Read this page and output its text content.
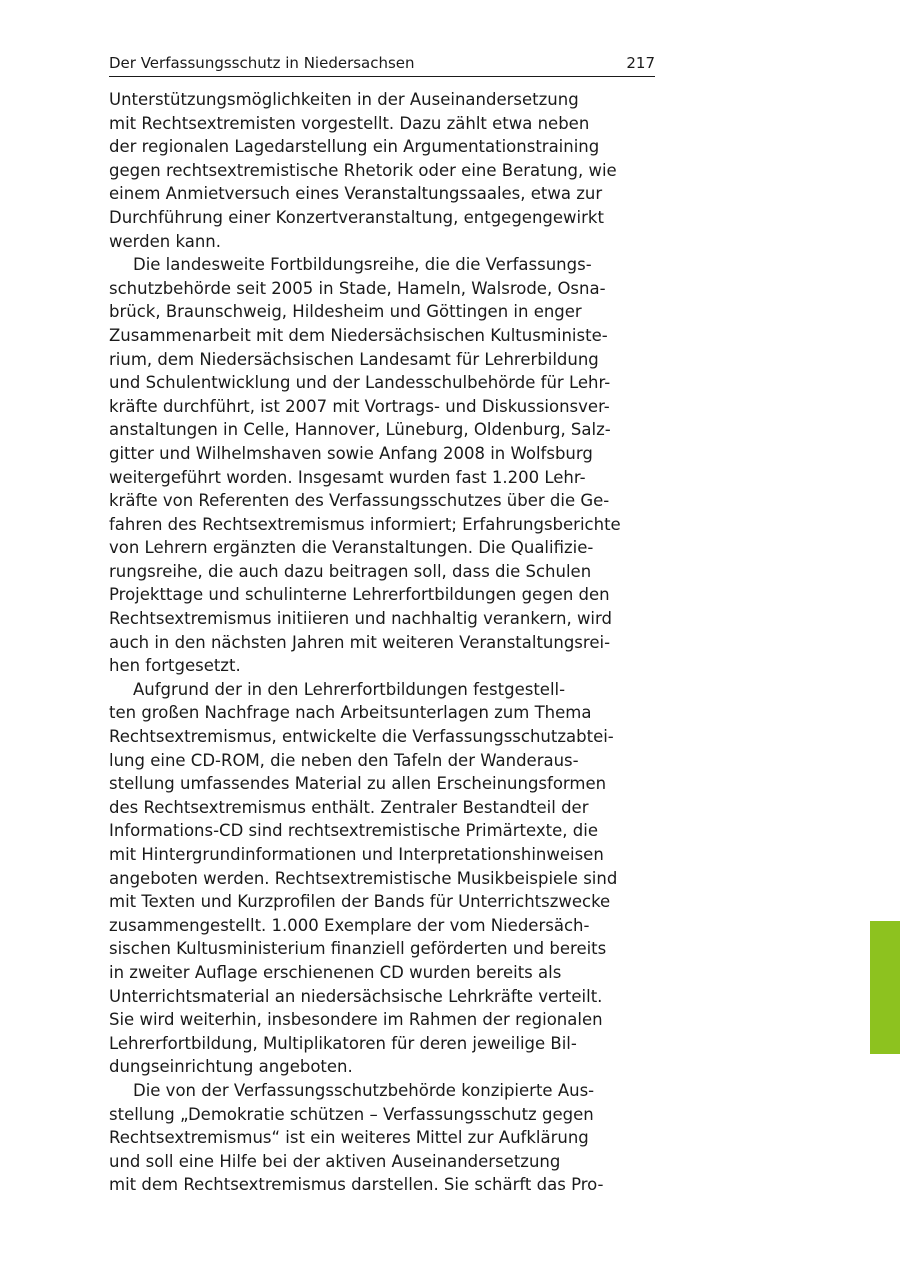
Der Verfassungsschutz in Niedersachsen	217
Unterstützungsmöglichkeiten in der Auseinandersetzung
mit Rechtsextremisten vorgestellt. Dazu zählt etwa neben
der regionalen Lagedarstellung ein Argumentationstraining
gegen rechtsextremistische Rhetorik oder eine Beratung, wie
einem Anmietversuch eines Veranstaltungssaales, etwa zur
Durchführung einer Konzertveranstaltung, entgegengewirkt
werden kann.
Die landesweite Fortbildungsreihe, die die Verfassungs-
schutzbehörde seit 2005 in Stade, Hameln, Walsrode, Osna-
brück, Braunschweig, Hildesheim und Göttingen in enger
Zusammenarbeit mit dem Niedersächsischen Kultusministe-
rium, dem Niedersächsischen Landesamt für Lehrerbildung
und Schulentwicklung und der Landesschulbehörde für Lehr-
kräfte durchführt, ist 2007 mit Vortrags- und Diskussionsver-
anstaltungen in Celle, Hannover, Lüneburg, Oldenburg, Salz-
gitter und Wilhelmshaven sowie Anfang 2008 in Wolfsburg
weitergeführt worden. Insgesamt wurden fast 1.200 Lehr-
kräfte von Referenten des Verfassungsschutzes über die Ge-
fahren des Rechtsextremismus informiert; Erfahrungsberichte
von Lehrern ergänzten die Veranstaltungen. Die Qualifizie-
rungsreihe, die auch dazu beitragen soll, dass die Schulen
Projekttage und schulinterne Lehrerfortbildungen gegen den
Rechtsextremismus initiieren und nachhaltig verankern, wird
auch in den nächsten Jahren mit weiteren Veranstaltungsrei-
hen fortgesetzt.
Aufgrund der in den Lehrerfortbildungen festgestell-
ten großen Nachfrage nach Arbeitsunterlagen zum Thema
Rechtsextremismus, entwickelte die Verfassungsschutzabtei-
lung eine CD-ROM, die neben den Tafeln der Wanderaus-
stellung umfassendes Material zu allen Erscheinungsformen
des Rechtsextremismus enthält. Zentraler Bestandteil der
Informations-CD sind rechtsextremistische Primärtexte, die
mit Hintergrundinformationen und Interpretationshinweisen
angeboten werden. Rechtsextremistische Musikbeispiele sind
mit Texten und Kurzprofilen der Bands für Unterrichtszwecke
zusammengestellt. 1.000 Exemplare der vom Niedersäch-
sischen Kultusministerium finanziell geförderten und bereits
in zweiter Auflage erschienenen CD wurden bereits als
Unterrichtsmaterial an niedersächsische Lehrkräfte verteilt.
Sie wird weiterhin, insbesondere im Rahmen der regionalen
Lehrerfortbildung, Multiplikatoren für deren jeweilige Bil-
dungseinrichtung angeboten.
Die von der Verfassungsschutzbehörde konzipierte Aus-
stellung „Demokratie schützen – Verfassungsschutz gegen
Rechtsextremismus“ ist ein weiteres Mittel zur Aufklärung
und soll eine Hilfe bei der aktiven Auseinandersetzung
mit dem Rechtsextremismus darstellen. Sie schärft das Pro-
